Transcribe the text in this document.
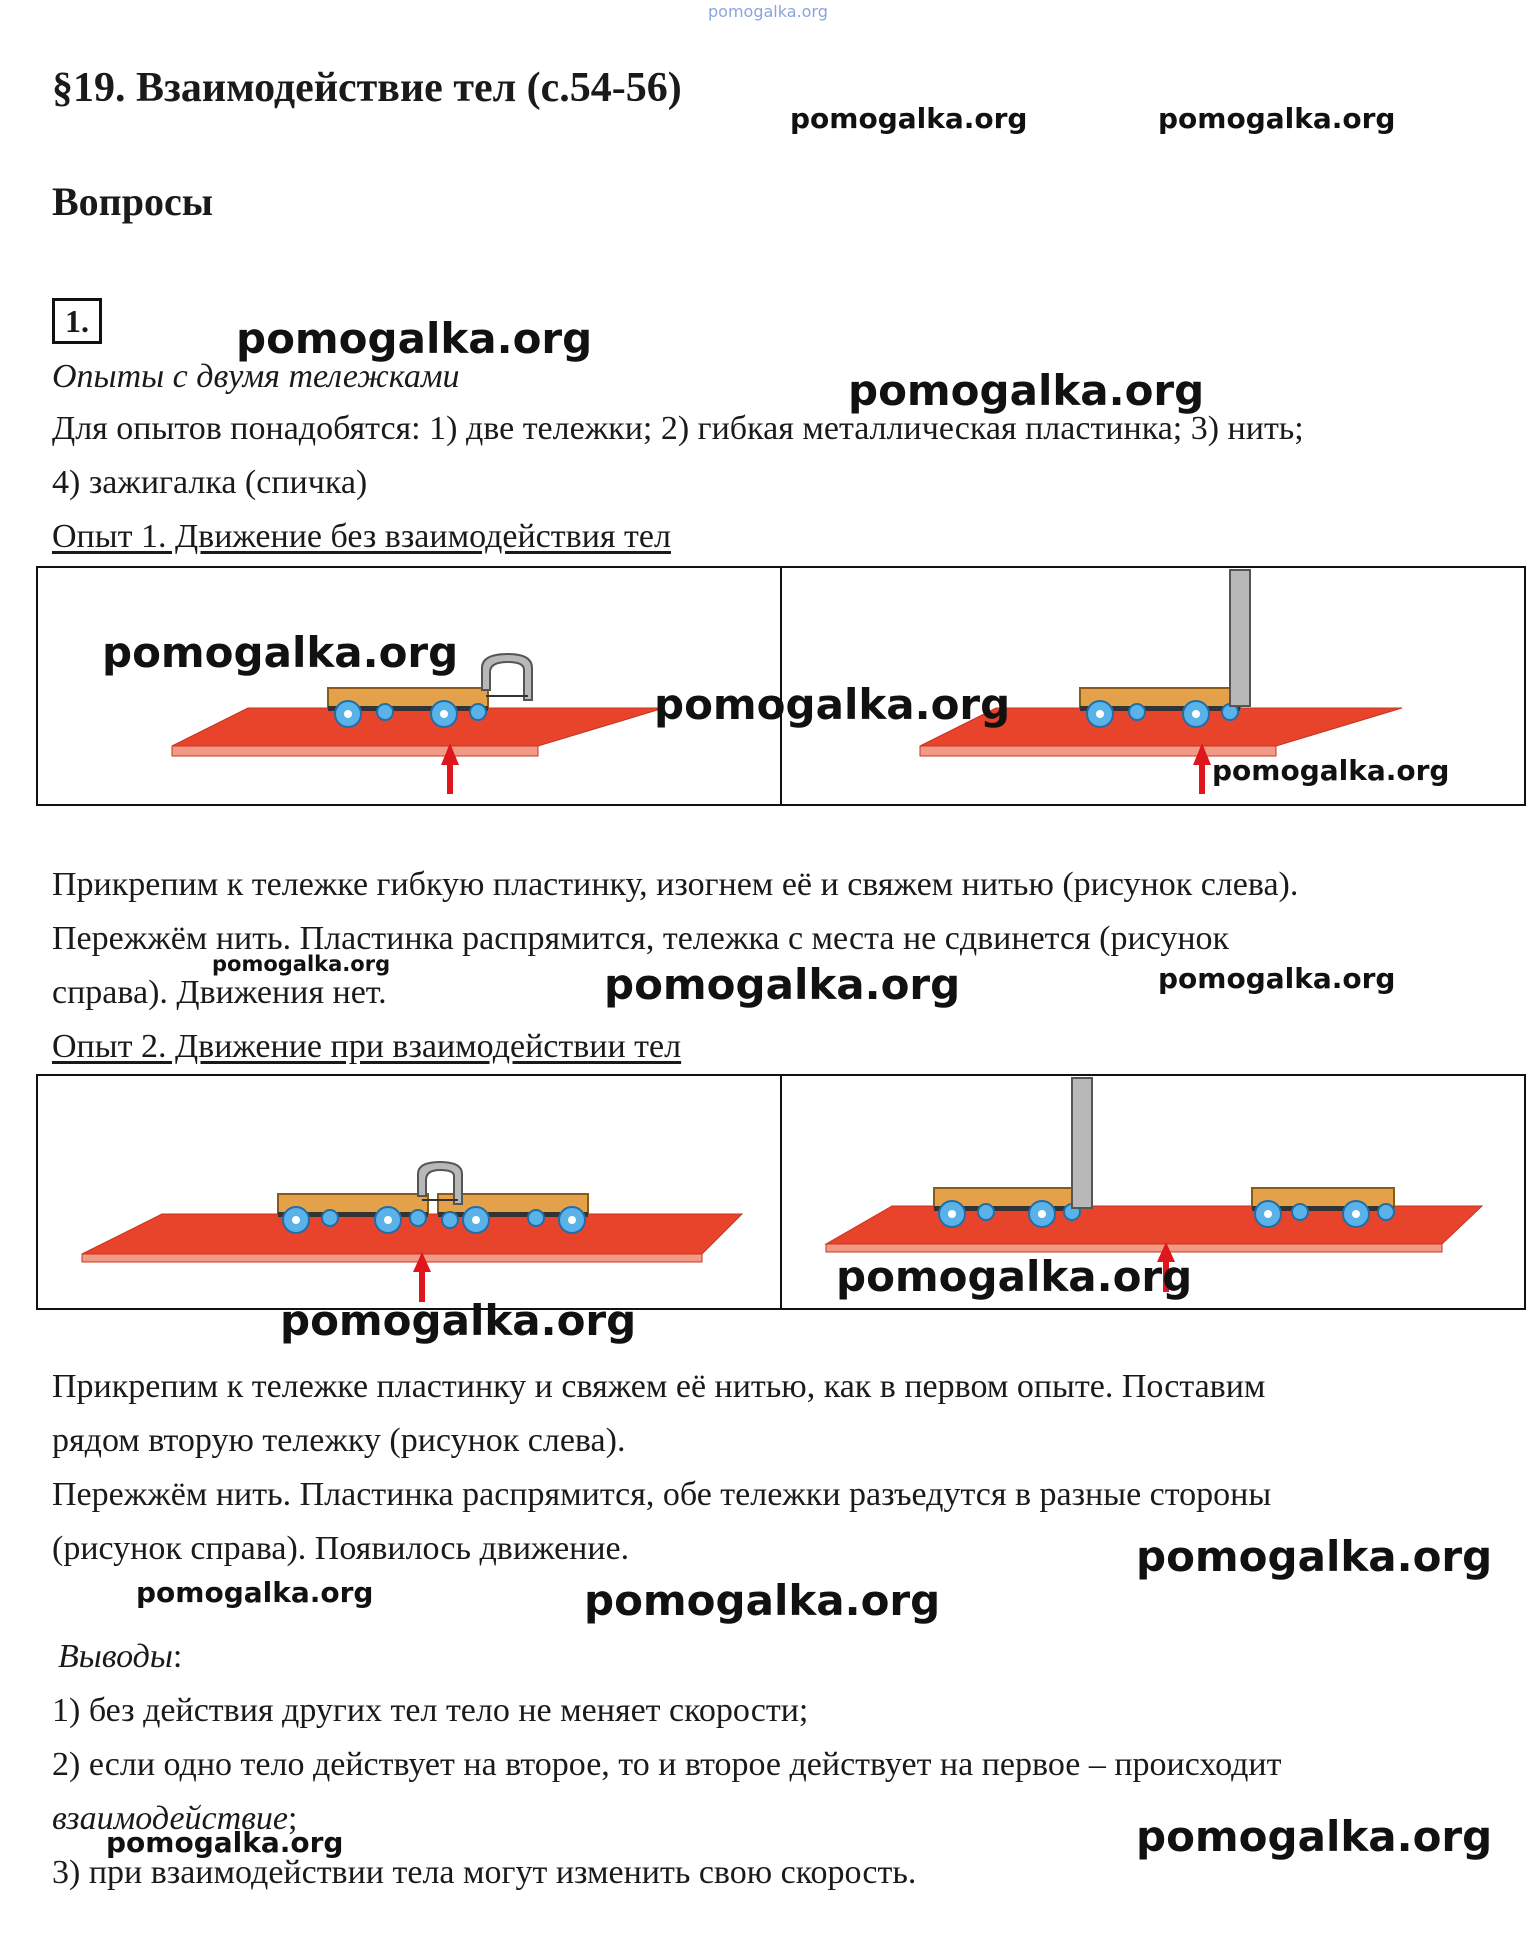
pomogalka.org
pomogalka.org	pomogalka.org
pomogalka.org
pomogalka.org
§19. Взаимодействие тел (с.54-56)
Вопросы
1.
Опыты с двумя тележками
Для опытов понадобятся: 1) две тележки; 2) гибкая металлическая пластинка; 3) нить;
4) зажигалка (спичка)
Опыт 1. Движение без взаимодействия тел
pomogalka.org
pomogalka.org
pomogalka.org
Прикрепим к тележке гибкую пластинку, изогнем её и свяжем нитью (рисунок слева).
Пережжём нить. Пластинка распрямится, тележка с места не сдвинется (рисунок
справа). Движения нет.
pomogalka.org	pomogalka.org	pomogalka.org
Опыт 2. Движение при взаимодействии тел
pomogalka.org
pomogalka.org
Прикрепим к тележке пластинку и свяжем её нитью, как в первом опыте. Поставим
рядом вторую тележку (рисунок слева).
Пережжём нить. Пластинка распрямится, обе тележки разъедутся в разные стороны
(рисунок справа). Появилось движение.	pomogalka.org
pomogalka.org	pomogalka.org
Выводы:
1) без действия других тел тело не меняет скорости;
2) если одно тело действует на второе, то и второе действует на первое – происходит
взаимодействие;
3) при взаимодействии тела могут изменить свою скорость.
pomogalka.org	pomogalka.org
